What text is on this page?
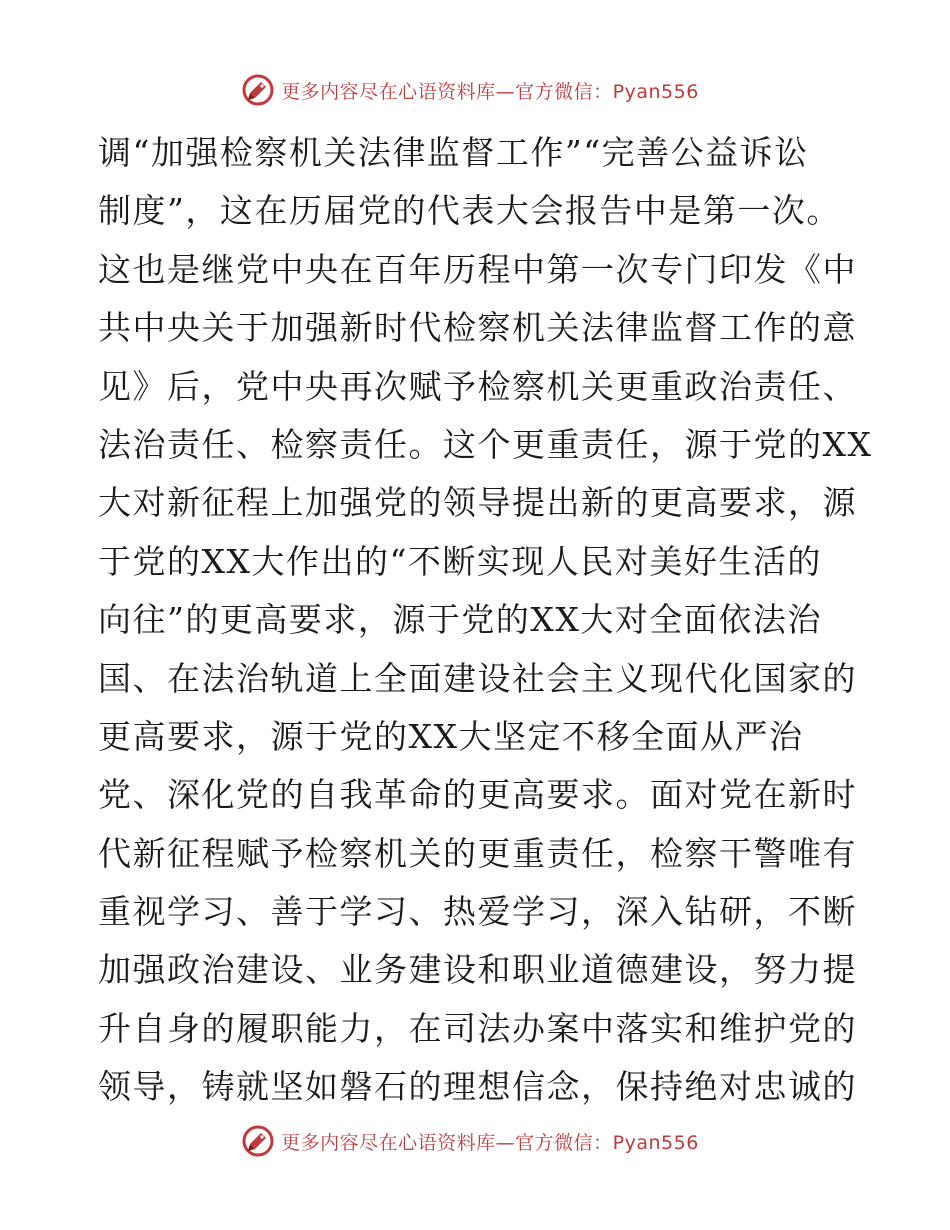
更多内容尽在心语资料库—官方微信：Pyan556
调“加强检察机关法律监督工作”“完善公益诉讼
制度”，这在历届党的代表大会报告中是第一次。
这也是继党中央在百年历程中第一次专门印发《中
共中央关于加强新时代检察机关法律监督工作的意
见》后，党中央再次赋予检察机关更重政治责任、
法治责任、检察责任。这个更重责任，源于党的XX
大对新征程上加强党的领导提出新的更高要求，源
于党的XX大作出的“不断实现人民对美好生活的
向往”的更高要求，源于党的XX大对全面依法治
国、在法治轨道上全面建设社会主义现代化国家的
更高要求，源于党的XX大坚定不移全面从严治
党、深化党的自我革命的更高要求。面对党在新时
代新征程赋予检察机关的更重责任，检察干警唯有
重视学习、善于学习、热爱学习，深入钻研，不断
加强政治建设、业务建设和职业道德建设，努力提
升自身的履职能力，在司法办案中落实和维护党的
领导，铸就坚如磐石的理想信念，保持绝对忠诚的
更多内容尽在心语资料库—官方微信：Pyan556
